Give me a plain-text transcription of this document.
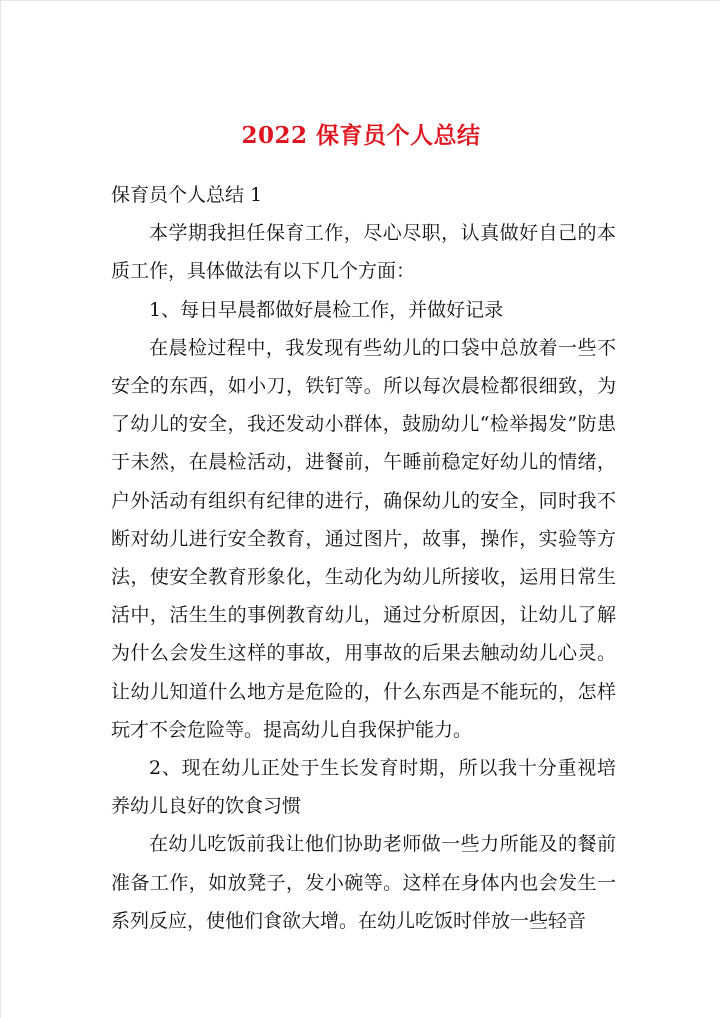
2022 保育员个人总结

保育员个人总结 1

本学期我担任保育工作，尽心尽职，认真做好自己的本质工作，具体做法有以下几个方面：

1、每日早晨都做好晨检工作，并做好记录

在晨检过程中，我发现有些幼儿的口袋中总放着一些不安全的东西，如小刀，铁钉等。所以每次晨检都很细致，为了幼儿的安全，我还发动小群体，鼓励幼儿“检举揭发”防患于未然，在晨检活动，进餐前，午睡前稳定好幼儿的情绪，户外活动有组织有纪律的进行，确保幼儿的安全，同时我不断对幼儿进行安全教育，通过图片，故事，操作，实验等方法，使安全教育形象化，生动化为幼儿所接收，运用日常生活中，活生生的事例教育幼儿，通过分析原因，让幼儿了解为什么会发生这样的事故，用事故的后果去触动幼儿心灵。让幼儿知道什么地方是危险的，什么东西是不能玩的，怎样玩才不会危险等。提高幼儿自我保护能力。

2、现在幼儿正处于生长发育时期，所以我十分重视培养幼儿良好的饮食习惯

在幼儿吃饭前我让他们协助老师做一些力所能及的餐前准备工作，如放凳子，发小碗等。这样在身体内也会发生一系列反应，使他们食欲大增。在幼儿吃饭时伴放一些轻音
